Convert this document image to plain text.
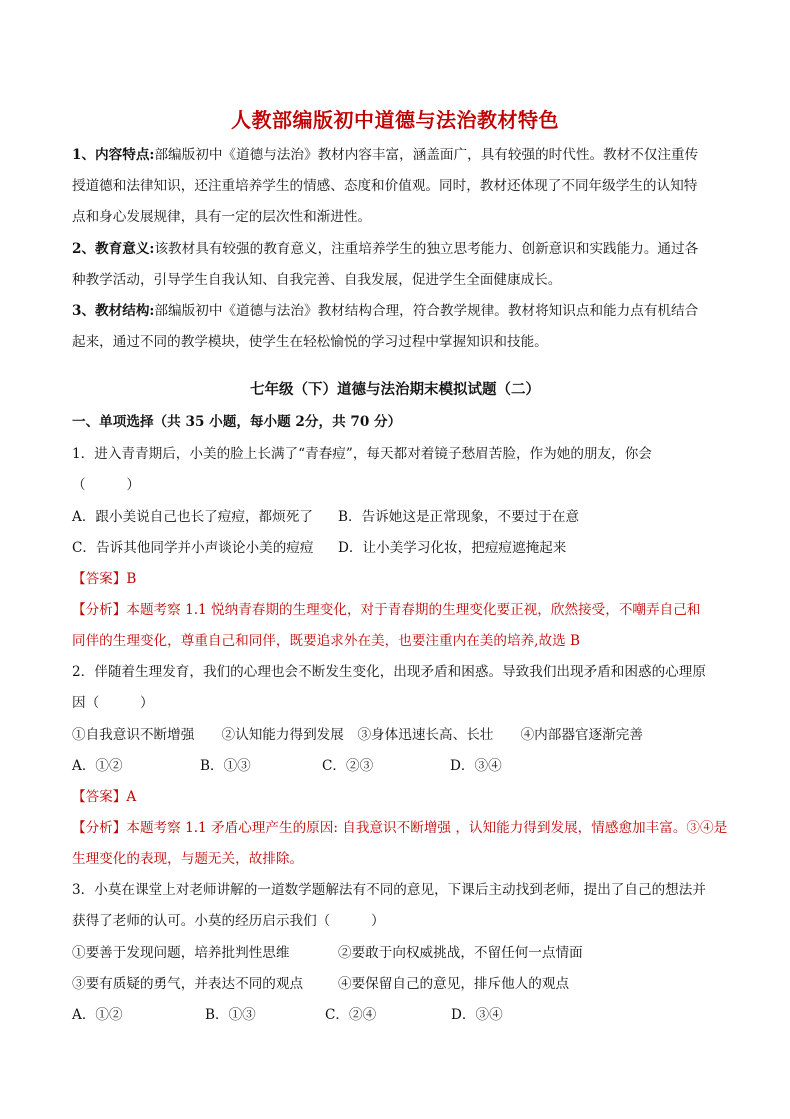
人教部编版初中道德与法治教材特色
1、内容特点:部编版初中《道德与法治》教材内容丰富，涵盖面广，具有较强的时代性。教材不仅注重传
授道德和法律知识，还注重培养学生的情感、态度和价值观。同时，教材还体现了不同年级学生的认知特
点和身心发展规律，具有一定的层次性和渐进性。
2、教育意义:该教材具有较强的教育意义，注重培养学生的独立思考能力、创新意识和实践能力。通过各
种教学活动，引导学生自我认知、自我完善、自我发展，促进学生全面健康成长。
3、教材结构:部编版初中《道德与法治》教材结构合理，符合教学规律。教材将知识点和能力点有机结合
起来，通过不同的教学模块，使学生在轻松愉悦的学习过程中掌握知识和技能。
七年级（下）道德与法治期末模拟试题（二）
一、单项选择（共 35 小题，每小题 2分，共 70 分）
1．进入青青期后，小美的脸上长满了“青春痘”，每天都对着镜子愁眉苦脸，作为她的朋友，你会
（　　　）
A．跟小美说自己也长了痘痘，都烦死了 B．告诉她这是正常现象，不要过于在意
C．告诉其他同学并小声谈论小美的痘痘 D．让小美学习化妆，把痘痘遮掩起来
【答案】B
【分析】本题考察 1.1 悦纳青春期的生理变化，对于青春期的生理变化要正视，欣然接受，不嘲弄自己和
同伴的生理变化，尊重自己和同伴，既要追求外在美，也要注重内在美的培养,故选 B
2．伴随着生理发育，我们的心理也会不断发生变化，出现矛盾和困惑。导致我们出现矛盾和困惑的心理原
因（　　　）
①自我意识不断增强　　②认知能力得到发展　③身体迅速长高、长壮　　④内部器官逐渐完善
A．①②	B．①③	C．②③	D．③④
【答案】A
【分析】本题考察 1.1 矛盾心理产生的原因: 自我意识不断增强 ，认知能力得到发展，情感愈加丰富。③④是
生理变化的表现，与题无关，故排除。
3．小莫在课堂上对老师讲解的一道数学题解法有不同的意见，下课后主动找到老师，提出了自己的想法并
获得了老师的认可。小莫的经历启示我们（　　　）
①要善于发现问题，培养批判性思维	②要敢于向权威挑战，不留任何一点情面
③要有质疑的勇气，并表达不同的观点	④要保留自己的意见，排斥他人的观点
A．①②	B．①③	C．②④	D．③④
